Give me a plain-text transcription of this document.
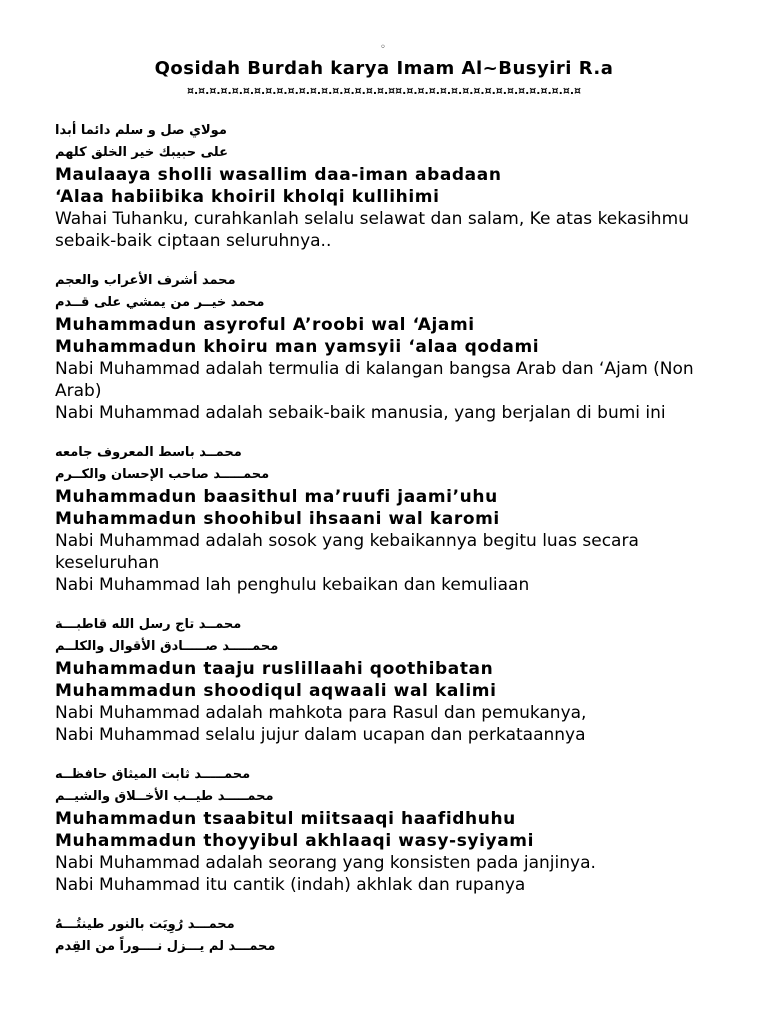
◦
Qosidah Burdah karya Imam Al~Busyiri R.a
¤.¤.¤.¤.¤.¤.¤.¤.¤.¤.¤.¤.¤.¤.¤.¤.¤.¤.¤¤.¤.¤.¤.¤.¤.¤.¤.¤.¤.¤.¤.¤.¤.¤.¤.¤
مولاي صل و سلم دائما أبدا
على حبيبك خير الخلق كلهم
Maulaaya sholli wasallim daa-iman abadaan
‘Alaa habiibika khoiril kholqi kullihimi
Wahai Tuhanku, curahkanlah selalu selawat dan salam, Ke atas kekasihmu sebaik-baik ciptaan seluruhnya..
محمد أشرف الأعراب والعجم
محمد خيــر من يمشي على قــدم
Muhammadun asyroful A’roobi wal ‘Ajami
Muhammadun khoiru man yamsyii ‘alaa qodami
Nabi Muhammad adalah termulia di kalangan bangsa Arab dan ‘Ajam (Non Arab)
Nabi Muhammad adalah sebaik-baik manusia, yang berjalan di bumi ini
محمــد باسط المعروف جامعه
محمـــــد صاحب الإحسان والكــرم
Muhammadun baasithul ma’ruufi jaami’uhu
Muhammadun shoohibul ihsaani wal karomi
Nabi Muhammad adalah sosok yang kebaikannya begitu luas secara keseluruhan
Nabi Muhammad lah penghulu kebaikan dan kemuliaan
محمــد تاج رسل الله قاطبـــة
محمـــــد صـــــادق الأقوال والكلــم
Muhammadun taaju ruslillaahi qoothibatan
Muhammadun shoodiqul aqwaali wal kalimi
Nabi Muhammad adalah mahkota para Rasul dan pemukanya,
Nabi Muhammad selalu jujur dalam ucapan dan perkataannya
محمـــــد ثابت الميثاق حافظــه
محمـــــد طيــب الأخــلاق والشيــم
Muhammadun tsaabitul miitsaaqi haafidhuhu
Muhammadun thoyyibul akhlaaqi wasy-syiyami
Nabi Muhammad adalah seorang yang konsisten pada janjinya.
Nabi Muhammad itu cantik (indah) akhlak dan rupanya
محمـــد رُوِيَت بالنور طينتُـــهُ
محمـــد لم يـــزل نــــوراً من القِدم
